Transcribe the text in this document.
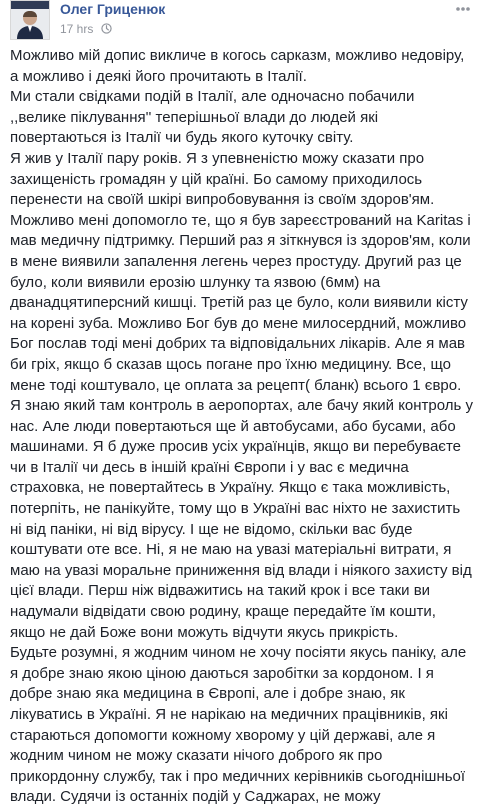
Олег Гриценюк
17 hrs

Можливо мій допис викличе в когось сарказм, можливо недовіру, а можливо і деякі його прочитають в Італії.

Ми стали свідками подій в Італії, але одночасно побачили ,,велике піклування'' теперішньої влади до людей які повертаються із Італії чи будь якого куточку світу.

Я жив у Італії пару років. Я з упевненістю можу сказати про захищеність громадян у цій країні. Бо самому приходилось перенести на своїй шкірі випробовування із своїм здоров'ям. Можливо мені допомогло те, що я був зареєстрований на Karitas і мав медичну підтримку. Перший раз я зіткнувся із здоров'ям, коли в мене виявили запалення легень через простуду. Другий раз це було, коли виявили ерозію шлунку та язвою (6мм) на дванадцятиперсний кишці. Третій раз це було, коли виявили кісту на корені зуба. Можливо Бог був до мене милосердний, можливо Бог послав тоді мені добрих та відповідальних лікарів. Але я мав би гріх, якщо б сказав щось погане про їхню медицину. Все, що мене тоді коштувало, це оплата за рецепт( бланк) всього 1 євро.

Я знаю який там контроль в аеропортах, але бачу який контроль у нас. Але люди повертаються ще й автобусами, або бусами, або машинами. Я б дуже просив усіх українців, якщо ви перебуваєте чи в Італії чи десь в іншій країні Європи і у вас є медична страховка, не повертайтесь в Україну. Якщо є така можливість, потерпіть, не панікуйте, тому що в Україні вас ніхто не захистить ні від паніки, ні від вірусу. І ще не відомо, скільки вас буде коштувати оте все. Ні, я не маю на увазі матеріальні витрати, я маю на увазі моральне приниження від влади і ніякого захисту від цієї влади. Перш ніж відважитись на такий крок і все таки ви надумали відвідати свою родину, краще передайте їм кошти, якщо не дай Боже вони можуть відчути якусь прикрість.

Будьте розумні, я жодним чином не хочу посіяти якусь паніку, але я добре знаю якою ціною даються заробітки за кордоном. І я добре знаю яка медицина в Європі, але і добре знаю, як лікуватись в Україні. Я не нарікаю на медичних працівників, які стараються допомогти кожному хворому у цій державі, але я жодним чином не можу сказати нічого доброго як про прикордонну службу, так і про медичних керівників сьогоднішньої влади. Судячи із останніх подій у Саджарах, не можу
